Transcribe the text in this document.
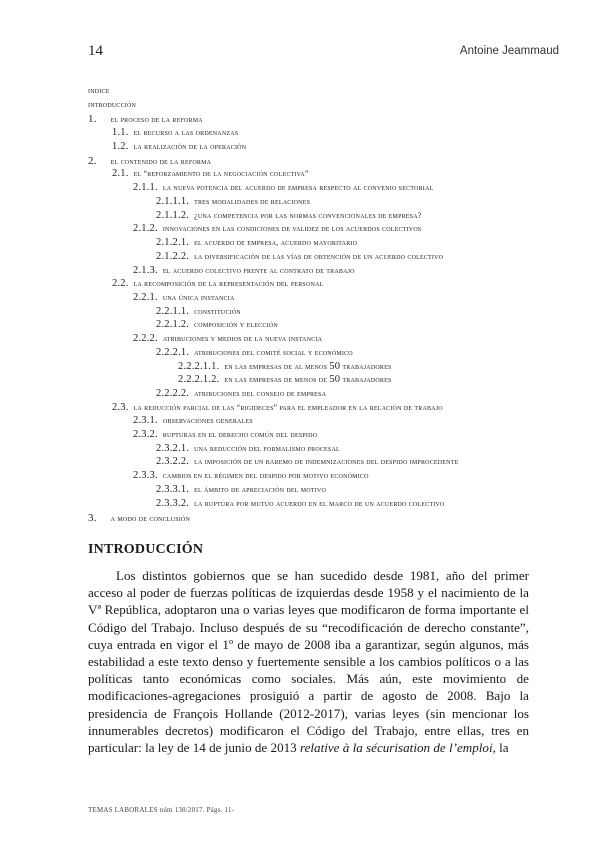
14	Antoine Jeammaud
indice
introducción
1. el proceso de la reforma
1.1. el recurso a las ordenanzas
1.2. la realización de la operación
2. el contenido de la reforma
2.1. el “reforzamiento de la negociación colectiva”
2.1.1. la nueva potencia del acuerdo de empresa respecto al convenio sectorial
2.1.1.1. tres modalidades de relaciones
2.1.1.2. ¿una competencia por las normas convencionales de empresa?
2.1.2. innovaciones en las condiciones de validez de los acuerdos colectivos
2.1.2.1. el acuerdo de empresa, acuerdo mayoritario
2.1.2.2. la diversificación de las vías de obtención de un acuerdo colectivo
2.1.3. el acuerdo colectivo frente al contrato de trabajo
2.2. la recomposición de la representación del personal
2.2.1. una única instancia
2.2.1.1. constitución
2.2.1.2. composición y elección
2.2.2. atribuciones y medios de la nueva instancia
2.2.2.1. atribuciones del comité social y económico
2.2.2.1.1. en las empresas de al menos 50 trabajadores
2.2.2.1.2. en las empresas de menos de 50 trabajadores
2.2.2.2. atribuciones del consejo de empresa
2.3. la reducción parcial de las “rigideces” para el empleador en la relación de trabajo
2.3.1. observaciones generales
2.3.2. rupturas en el derecho común del despido
2.3.2.1. una reducción del formalismo procesal
2.3.2.2. la imposición de un baremo de indemnizaciones del despido improcedente
2.3.3. cambios en el régimen del despido por motivo económico
2.3.3.1. el ámbito de apreciación del motivo
2.3.3.2. la ruptura por mutuo acuerdo en el marco de un acuerdo colectivo
3. a modo de conclusión
INTRODUCCIÓN

Los distintos gobiernos que se han sucedido desde 1981, año del primer acceso al poder de fuerzas políticas de izquierdas desde 1958 y el nacimiento de la Vª República, adoptaron una o varias leyes que modificaron de forma importante el Código del Trabajo. Incluso después de su “recodificación de derecho constante”, cuya entrada en vigor el 1º de mayo de 2008 iba a garantizar, según algunos, más estabilidad a este texto denso y fuertemente sensible a los cambios políticos o a las políticas tanto económicas como sociales. Más aún, este movimiento de modificaciones-agregaciones prosiguió a partir de agosto de 2008. Bajo la presidencia de François Hollande (2012-2017), varias leyes (sin mencionar los innumerables decretos) modificaron el Código del Trabajo, entre ellas, tres en particular: la ley de 14 de junio de 2013 relative à la sécurisation de l’emploi, la

TEMAS LABORALES núm 138/2017. Págs. 11-
